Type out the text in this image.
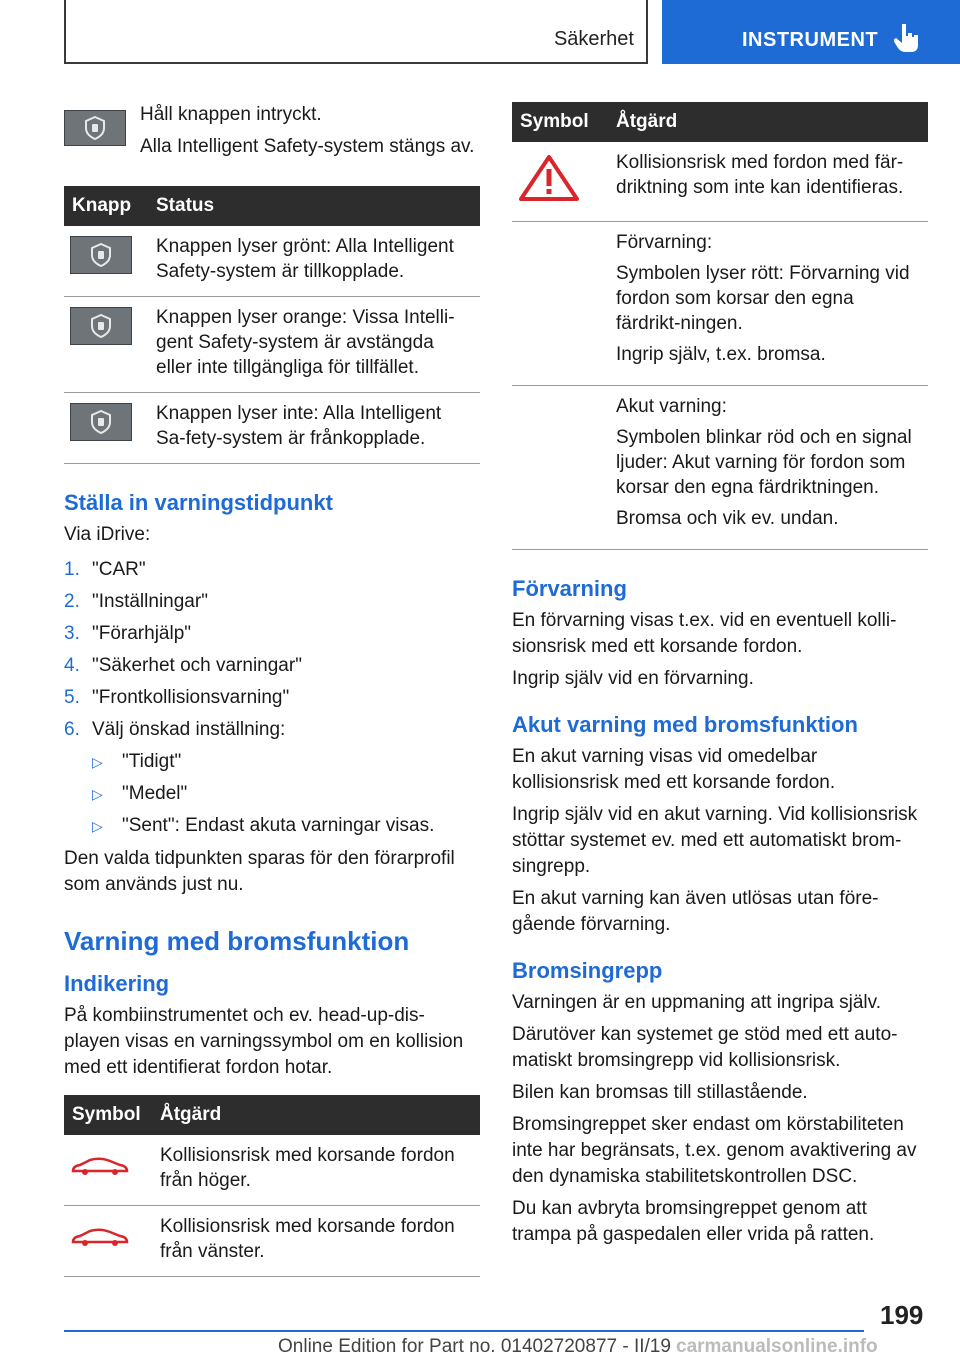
Säkerhet	INSTRUMENT

Håll knappen intryckt.

Alla Intelligent Safety-system stängs av.

Knapp	Status

	Knappen lyser grönt: Alla Intelligent Safety-system är tillkopplade.

	Knappen lyser orange: Vissa Intelli-gent Safety-system är avstängda eller inte tillgängliga för tillfället.

	Knappen lyser inte: Alla Intelligent Sa-fety-system är frånkopplade.
Ställa in varningstidpunkt

Via iDrive:

1. "CAR"
2. "Inställningar"
3. "Förarhjälp"
4. "Säkerhet och varningar"
5. "Frontkollisionsvarning"
6. Välj önskad inställning:
▷	"Tidigt"
▷	"Medel"
▷	"Sent": Endast akuta varningar visas.

Den valda tidpunkten sparas för den förarprofil som används just nu.

Varning med bromsfunktion
Indikering

På kombiinstrumentet och ev. head-up-dis-playen visas en varningssymbol om en kollision med ett identifierat fordon hotar.

Symbol	Åtgärd
	Kollisionsrisk med korsande fordon från höger.
	Kollisionsrisk med korsande fordon från vänster.
Symbol	Åtgärd
	Kollisionsrisk med fordon med fär-driktning som inte kan identifieras.

	Förvarning:

Symbolen lyser rött: Förvarning vid fordon som korsar den egna färdrikt-ningen.

Ingrip själv, t.ex. bromsa.

	Akut varning:

Symbolen blinkar röd och en signal ljuder: Akut varning för fordon som korsar den egna färdriktningen.

Bromsa och vik ev. undan.

Förvarning

En förvarning visas t.ex. vid en eventuell kolli-sionsrisk med ett korsande fordon.

Ingrip själv vid en förvarning.

Akut varning med bromsfunktion

En akut varning visas vid omedelbar kollisionsrisk med ett korsande fordon.

Ingrip själv vid en akut varning. Vid kollisionsrisk stöttar systemet ev. med ett automatiskt brom-singrepp.

En akut varning kan även utlösas utan före-gående förvarning.

Bromsingrepp

Varningen är en uppmaning att ingripa själv.

Därutöver kan systemet ge stöd med ett auto-matiskt bromsingrepp vid kollisionsrisk.

Bilen kan bromsas till stillastående.

Bromsingreppet sker endast om körstabiliteten inte har begränsats, t.ex. genom avaktivering av den dynamiska stabilitetskontrollen DSC.

Du kan avbryta bromsingreppet genom att trampa på gaspedalen eller vrida på ratten.

199
Online Edition for Part no. 01402720877 - II/19 carmanualsonline.info
